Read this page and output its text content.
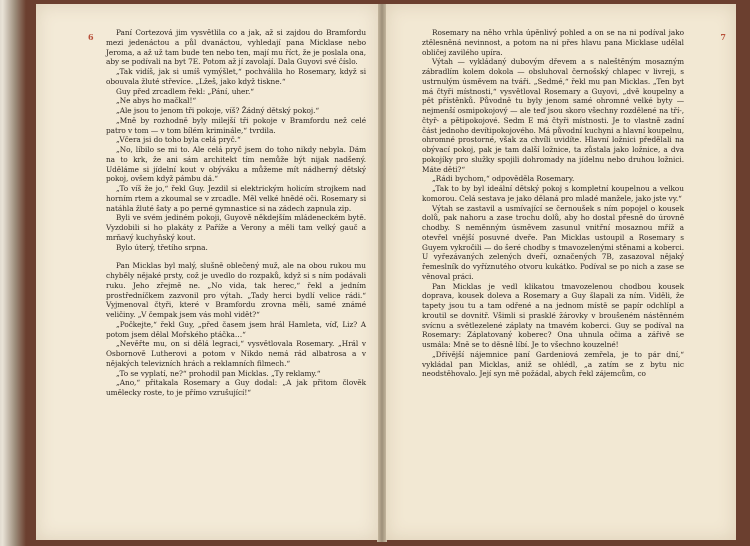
6	Paní Cortezová jim vysvětlila co a jak, až si zajdou do Bramfordu mezi jedenáctou a půl dvanáctou, vyhledají pana Micklase nebo Jeroma, a až už tam bude ten nebo ten, mají mu říct, že je poslala ona, aby se podívali na byt 7E. Potom až jí zavolají. Dala Guyovi své číslo.

„Tak vidíš, jak si umíš vymýšlet,“ pochválila ho Rosemary, když si obouvala žluté střevíce. „Lžeš, jako když tiskne.“

Guy před zrcadlem řekl: „Pání, uher.“

„Ne abys ho mačkal!“

„Ale jsou to jenom tři pokoje, víš? Žádný dětský pokoj.“

„Mně by rozhodně byly milejší tři pokoje v Bramfordu než celé patro v tom — v tom bílém kriminále,“ tvrdila.

„Včera jsi do toho byla celá pryč.“

„No, líbilo se mi to. Ale celá pryč jsem do toho nikdy nebyla. Dám na to krk, že ani sám architekt tím nemůže být nijak nadšený. Uděláme si jídelní kout v obýváku a můžeme mít nádherný dětský pokoj, ovšem když pámbu dá.“

„To víš že jo,“ řekl Guy. Jezdil si elektrickým holicím strojkem nad horním rtem a zkoumal se v zrcadle. Měl velké hnědé oči. Rosemary si natáhla žluté šaty a po perné gymnastice si na zádech zapnula zip.

Byli ve svém jediném pokoji, Guyově někdejším mládeneckém bytě. Vyzdobili si ho plakáty z Paříže a Verony a měli tam velký gauč a mrňavý kuchyňský kout.

Bylo úterý, třetího srpna.

Pan Micklas byl malý, slušně oblečený muž, ale na obou rukou mu chyběly nějaké prsty, což je uvedlo do rozpaků, když si s ním podávali ruku. Jeho zřejmě ne. „No vida, tak herec,“ řekl a jedním prostředníčkem zazvonil pro výtah. „Tady herci bydlí velice rádi.“ Vyjmenoval čtyři, které v Bramfordu zrovna měli, samé známé veličiny. „V čempak jsem vás mohl vidět?“

„Počkejte,“ řekl Guy, „před časem jsem hrál Hamleta, víď, Liz? A potom jsem dělal Mořského ptáčka…“

„Nevěřte mu, on si dělá legraci,“ vysvětlovala Rosemary. „Hrál v Osbornově Lutherovi a potom v Nikdo nemá rád albatrosa a v nějakých televizních hrách a reklamních filmech.“

„To se vyplatí, ne?“ prohodil pan Micklas. „Ty reklamy.“

„Ano,“ přitakala Rosemary a Guy dodal: „A jak přitom člověk umělecky roste, to je přímo vzrušující!“

7

Rosemary na něho vrhla úpěnlivý pohled a on se na ni podíval jako ztělesněná nevinnost, a potom na ni přes hlavu pana Micklase udělal obličej zavilého upíra.

Výtah — vykládaný dubovým dřevem a s naleštěným mosazným zábradlím kolem dokola — obsluhoval černošský chlapec v livreji, s ustrnulým úsměvem na tváři. „Sedmé,“ řekl mu pan Micklas. „Ten byt má čtyři místnosti,“ vysvětloval Rosemary a Guyovi, „dvě koupelny a pět přístěnků. Původně tu byly jenom samé ohromné velké byty — nejmenší osmipokojový — ale teď jsou skoro všechny rozdělené na tří-, čtyř- a pětipokojové. Sedm E má čtyři místnosti. Je to vlastně zadní část jednoho devítipokojového. Má původní kuchyni a hlavní koupelnu, ohromné prostorné, však za chvíli uvidíte. Hlavní ložnici předělali na obývací pokoj, pak je tam další ložnice, ta zůstala jako ložnice, a dva pokojíky pro služky spojili dohromady na jídelnu nebo druhou ložnici. Máte děti?“

„Rádi bychom,“ odpověděla Rosemary.

„Tak to by byl ideální dětský pokoj s kompletní koupelnou a velkou komorou. Celá sestava je jako dělaná pro mladé manžele, jako jste vy.“

Výtah se zastavil a usmívající se černoušek s ním popojel o kousek dolů, pak nahoru a zase trochu dolů, aby ho dostal přesně do úrovně chodby. S neměnným úsměvem zasunul vnitřní mosaznou mříž a otevřel vnější posuvné dveře. Pan Micklas ustoupil a Rosemary s Guyem vykročili — do šeré chodby s tmavozelenými stěnami a koberci. U vyřezávaných zelených dveří, označených 7B, zasazoval nějaký řemeslník do vyříznutého otvoru kukátko. Podíval se po nich a zase se věnoval práci.

Pan Micklas je vedl klikatou tmavozelenou chodbou kousek doprava, kousek doleva a Rosemary a Guy šlapali za ním. Viděli, že tapety jsou tu a tam odřené a na jednom místě se papír odchlípl a kroutil se dovnitř. Všimli si prasklé žárovky v broušeném nástěnném svícnu a světlezelené záplaty na tmavém koberci. Guy se podíval na Rosemary: Záplatovaný koberec? Ona uhnula očima a zářivě se usmála: Mně se to děsně líbí. Je to všechno kouzelné!

„Dřívější nájemnice paní Gardeniová zemřela, je to pár dní,“ vykládal pan Micklas, aniž se ohlédl, „a zatím se z bytu nic neodstěhovalo. Její syn mě požádal, abych řekl zájemcům, co
